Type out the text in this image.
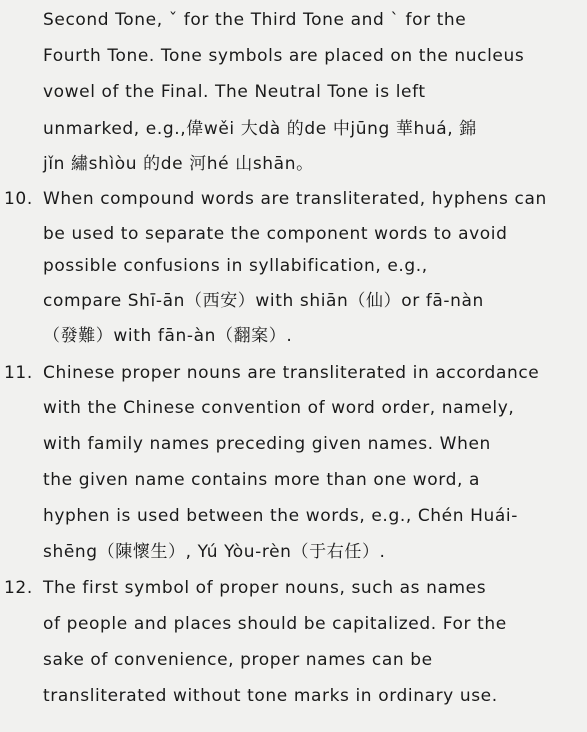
Second Tone, ˇ for the Third Tone and ˋ for the
Fourth Tone. Tone symbols are placed on the nucleus
vowel of the Final. The Neutral Tone is left
unmarked, e.g.,偉wěi 大dà 的de 中jūng 華huá, 錦
jǐn 繡shìòu 的de 河hé 山shān。
10. When compound words are transliterated, hyphens can
be used to separate the component words to avoid
possible confusions in syllabification, e.g.,
compare Shī-ān（西安）with shiān（仙）or fā-nàn
（發難）with fān-àn（翻案）.
11. Chinese proper nouns are transliterated in accordance
with the Chinese convention of word order, namely,
with family names preceding given names. When
the given name contains more than one word, a
hyphen is used between the words, e.g., Chén Huái-
shēng（陳懷生）, Yú Yòu-rèn（于右任）.
12. The first symbol of proper nouns, such as names
of people and places should be capitalized. For the
sake of convenience, proper names can be
transliterated without tone marks in ordinary use.
